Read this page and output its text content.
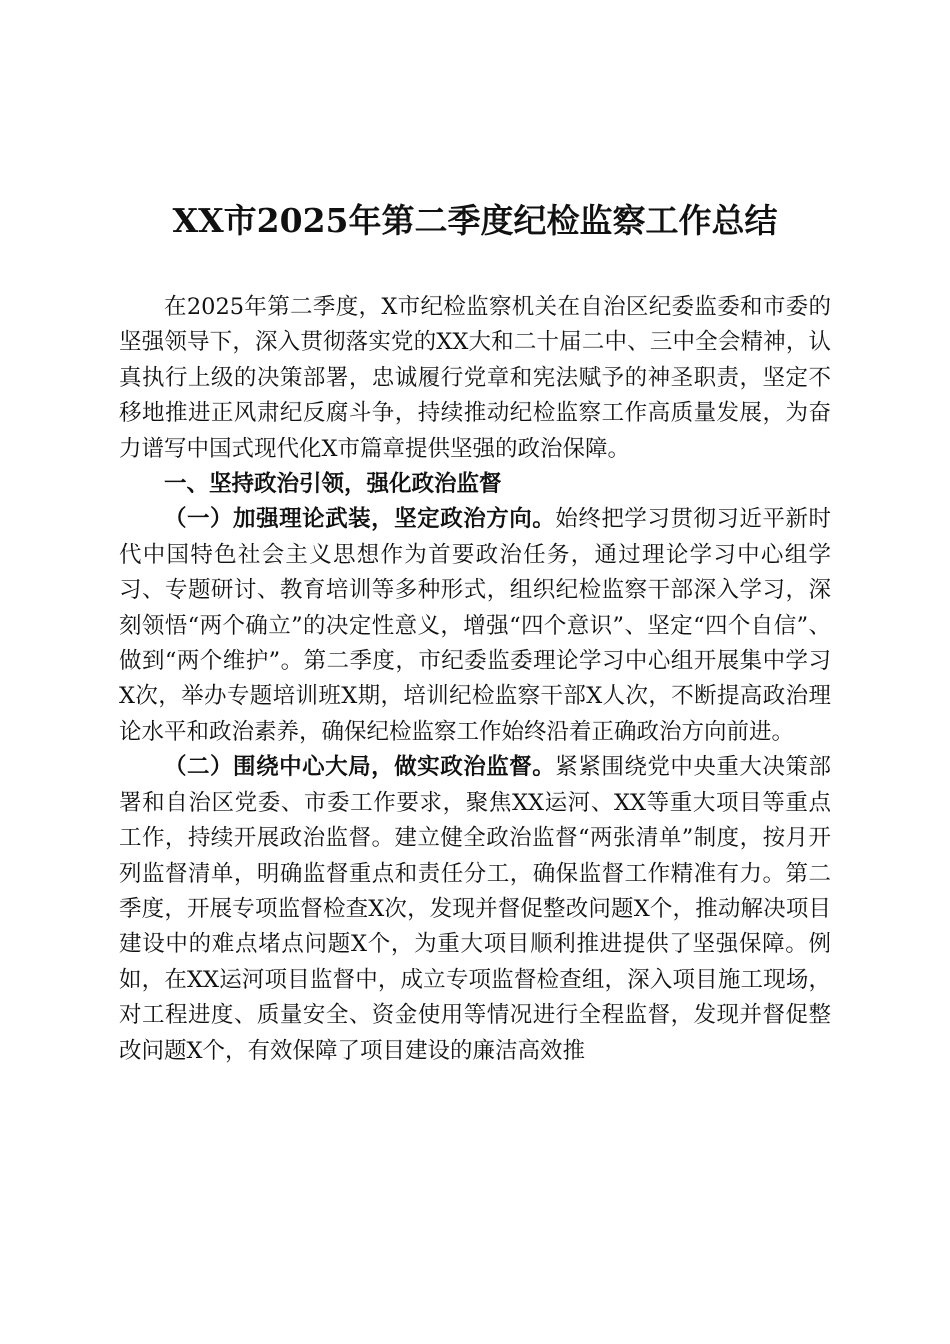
XX市2025年第二季度纪检监察工作总结

在2025年第二季度，X市纪检监察机关在自治区纪委监委和市委的坚强领导下，深入贯彻落实党的XX大和二十届二中、三中全会精神，认真执行上级的决策部署，忠诚履行党章和宪法赋予的神圣职责，坚定不移地推进正风肃纪反腐斗争，持续推动纪检监察工作高质量发展，为奋力谱写中国式现代化X市篇章提供坚强的政治保障。

一、坚持政治引领，强化政治监督

（一）加强理论武装，坚定政治方向。始终把学习贯彻习近平新时代中国特色社会主义思想作为首要政治任务，通过理论学习中心组学习、专题研讨、教育培训等多种形式，组织纪检监察干部深入学习，深刻领悟“两个确立”的决定性意义，增强“四个意识”、坚定“四个自信”、做到“两个维护”。第二季度，市纪委监委理论学习中心组开展集中学习X次，举办专题培训班X期，培训纪检监察干部X人次，不断提高政治理论水平和政治素养，确保纪检监察工作始终沿着正确政治方向前进。

（二）围绕中心大局，做实政治监督。紧紧围绕党中央重大决策部署和自治区党委、市委工作要求，聚焦XX运河、XX等重大项目等重点工作，持续开展政治监督。建立健全政治监督“两张清单”制度，按月开列监督清单，明确监督重点和责任分工，确保监督工作精准有力。第二季度，开展专项监督检查X次，发现并督促整改问题X个，推动解决项目建设中的难点堵点问题X个，为重大项目顺利推进提供了坚强保障。例如，在XX运河项目监督中，成立专项监督检查组，深入项目施工现场，对工程进度、质量安全、资金使用等情况进行全程监督，发现并督促整改问题X个，有效保障了项目建设的廉洁高效推
